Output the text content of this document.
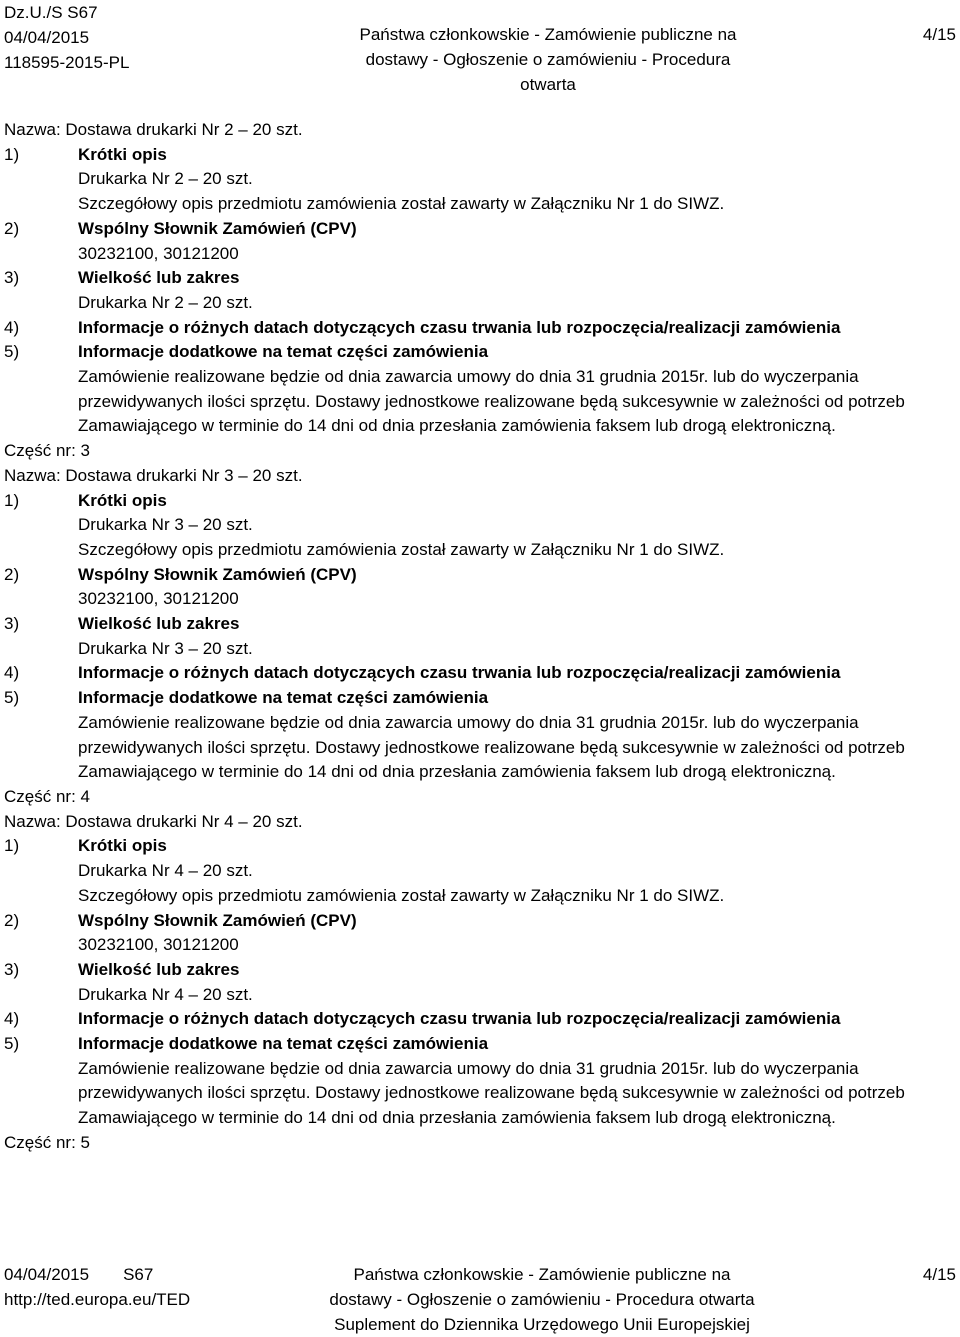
Dz.U./S S67
04/04/2015
118595-2015-PL
Państwa członkowskie - Zamówienie publiczne na
dostawy - Ogłoszenie o zamówieniu - Procedura otwarta
4/15
Nazwa: Dostawa drukarki Nr 2 – 20 szt.
1)	Krótki opis
Drukarka Nr 2 – 20 szt.
Szczegółowy opis przedmiotu zamówienia został zawarty w Załączniku Nr 1 do SIWZ.
2)	Wspólny Słownik Zamówień (CPV)
30232100, 30121200
3)	Wielkość lub zakres
Drukarka Nr 2 – 20 szt.
4)	Informacje o różnych datach dotyczących czasu trwania lub rozpoczęcia/realizacji zamówienia
5)	Informacje dodatkowe na temat części zamówienia
Zamówienie realizowane będzie od dnia zawarcia umowy do dnia 31 grudnia 2015r. lub do wyczerpania
przewidywanych ilości sprzętu. Dostawy jednostkowe realizowane będą sukcesywnie w zależności od potrzeb
Zamawiającego w terminie do 14 dni od dnia przesłania zamówienia faksem lub drogą elektroniczną.
Część nr: 3
Nazwa: Dostawa drukarki Nr 3 – 20 szt.
1)	Krótki opis
Drukarka Nr 3 – 20 szt.
Szczegółowy opis przedmiotu zamówienia został zawarty w Załączniku Nr 1 do SIWZ.
2)	Wspólny Słownik Zamówień (CPV)
30232100, 30121200
3)	Wielkość lub zakres
Drukarka Nr 3 – 20 szt.
4)	Informacje o różnych datach dotyczących czasu trwania lub rozpoczęcia/realizacji zamówienia
5)	Informacje dodatkowe na temat części zamówienia
Zamówienie realizowane będzie od dnia zawarcia umowy do dnia 31 grudnia 2015r. lub do wyczerpania
przewidywanych ilości sprzętu. Dostawy jednostkowe realizowane będą sukcesywnie w zależności od potrzeb
Zamawiającego w terminie do 14 dni od dnia przesłania zamówienia faksem lub drogą elektroniczną.
Część nr: 4
Nazwa: Dostawa drukarki Nr 4 – 20 szt.
1)	Krótki opis
Drukarka Nr 4 – 20 szt.
Szczegółowy opis przedmiotu zamówienia został zawarty w Załączniku Nr 1 do SIWZ.
2)	Wspólny Słownik Zamówień (CPV)
30232100, 30121200
3)	Wielkość lub zakres
Drukarka Nr 4 – 20 szt.
4)	Informacje o różnych datach dotyczących czasu trwania lub rozpoczęcia/realizacji zamówienia
5)	Informacje dodatkowe na temat części zamówienia
Zamówienie realizowane będzie od dnia zawarcia umowy do dnia 31 grudnia 2015r. lub do wyczerpania
przewidywanych ilości sprzętu. Dostawy jednostkowe realizowane będą sukcesywnie w zależności od potrzeb
Zamawiającego w terminie do 14 dni od dnia przesłania zamówienia faksem lub drogą elektroniczną.
Część nr: 5
04/04/2015 S67
http://ted.europa.eu/TED
Państwa członkowskie - Zamówienie publiczne na
dostawy - Ogłoszenie o zamówieniu - Procedura otwarta
Suplement do Dziennika Urzędowego Unii Europejskiej
4/15
